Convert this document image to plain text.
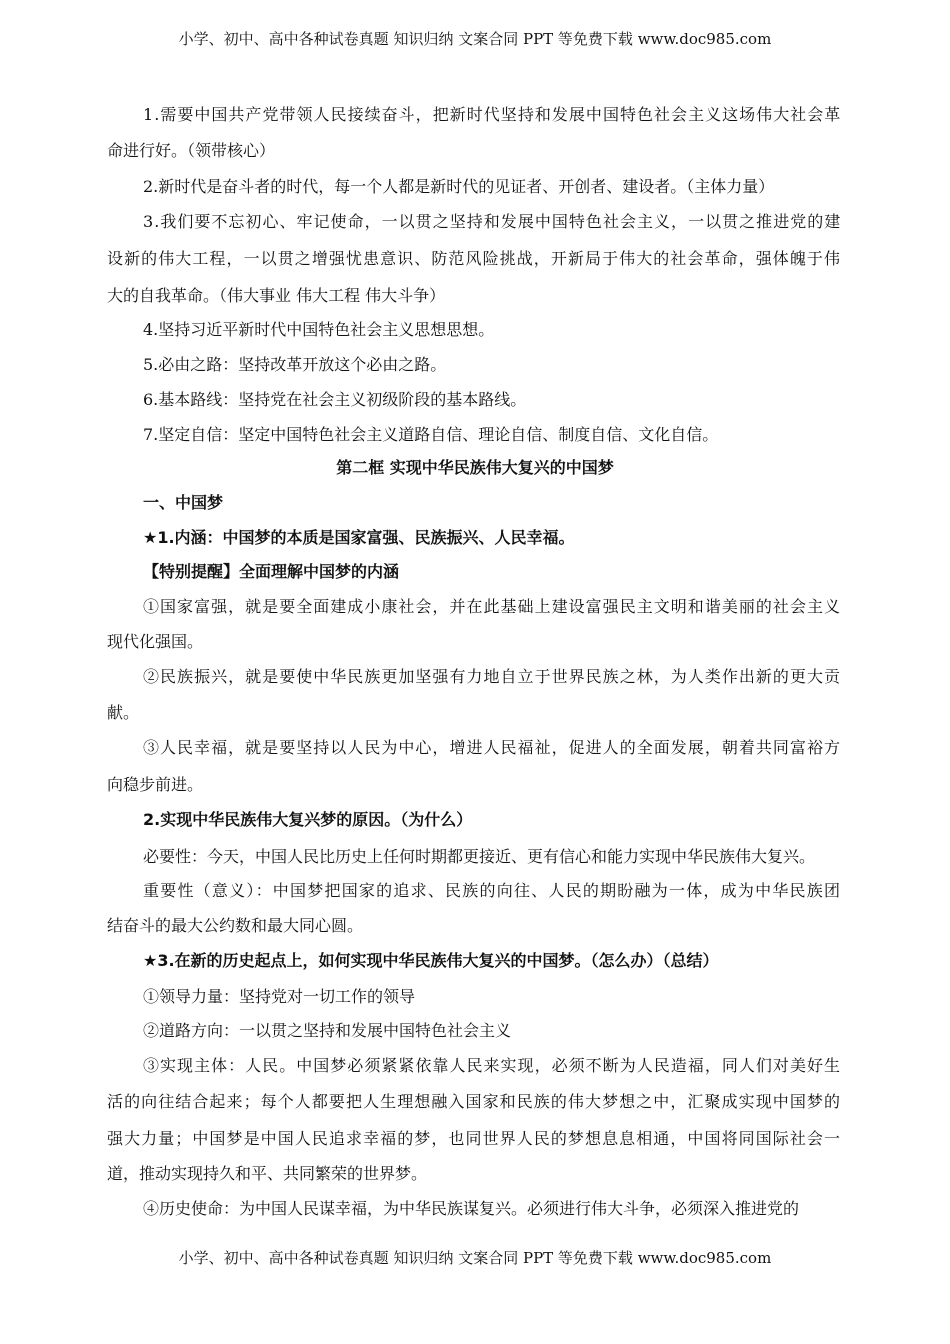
小学、初中、高中各种试卷真题 知识归纳 文案合同 PPT 等免费下载 www.doc985.com
1.需要中国共产党带领人民接续奋斗，把新时代坚持和发展中国特色社会主义这场伟大社会革
命进行好。（领带核心）
2.新时代是奋斗者的时代，每一个人都是新时代的见证者、开创者、建设者。（主体力量）
3.我们要不忘初心、牢记使命，一以贯之坚持和发展中国特色社会主义，一以贯之推进党的建
设新的伟大工程，一以贯之增强忧患意识、防范风险挑战，开新局于伟大的社会革命，强体魄于伟
大的自我革命。（伟大事业 伟大工程 伟大斗争）
4.坚持习近平新时代中国特色社会主义思想思想。
5.必由之路：坚持改革开放这个必由之路。
6.基本路线：坚持党在社会主义初级阶段的基本路线。
7.坚定自信：坚定中国特色社会主义道路自信、理论自信、制度自信、文化自信。
第二框 实现中华民族伟大复兴的中国梦
一、中国梦
★1.内涵：中国梦的本质是国家富强、民族振兴、人民幸福。
【特别提醒】全面理解中国梦的内涵
①国家富强，就是要全面建成小康社会，并在此基础上建设富强民主文明和谐美丽的社会主义
现代化强国。
②民族振兴，就是要使中华民族更加坚强有力地自立于世界民族之林，为人类作出新的更大贡
献。
③人民幸福，就是要坚持以人民为中心，增进人民福祉，促进人的全面发展，朝着共同富裕方
向稳步前进。
2.实现中华民族伟大复兴梦的原因。（为什么）
必要性：今天，中国人民比历史上任何时期都更接近、更有信心和能力实现中华民族伟大复兴。
重要性（意义）：中国梦把国家的追求、民族的向往、人民的期盼融为一体，成为中华民族团
结奋斗的最大公约数和最大同心圆。
★3.在新的历史起点上，如何实现中华民族伟大复兴的中国梦。（怎么办）（总结）
①领导力量：坚持党对一切工作的领导
②道路方向：一以贯之坚持和发展中国特色社会主义
③实现主体：人民。中国梦必须紧紧依靠人民来实现，必须不断为人民造福，同人们对美好生
活的向往结合起来；每个人都要把人生理想融入国家和民族的伟大梦想之中，汇聚成实现中国梦的
强大力量；中国梦是中国人民追求幸福的梦，也同世界人民的梦想息息相通，中国将同国际社会一
道，推动实现持久和平、共同繁荣的世界梦。
④历史使命：为中国人民谋幸福，为中华民族谋复兴。必须进行伟大斗争，必须深入推进党的
小学、初中、高中各种试卷真题 知识归纳 文案合同 PPT 等免费下载 www.doc985.com
